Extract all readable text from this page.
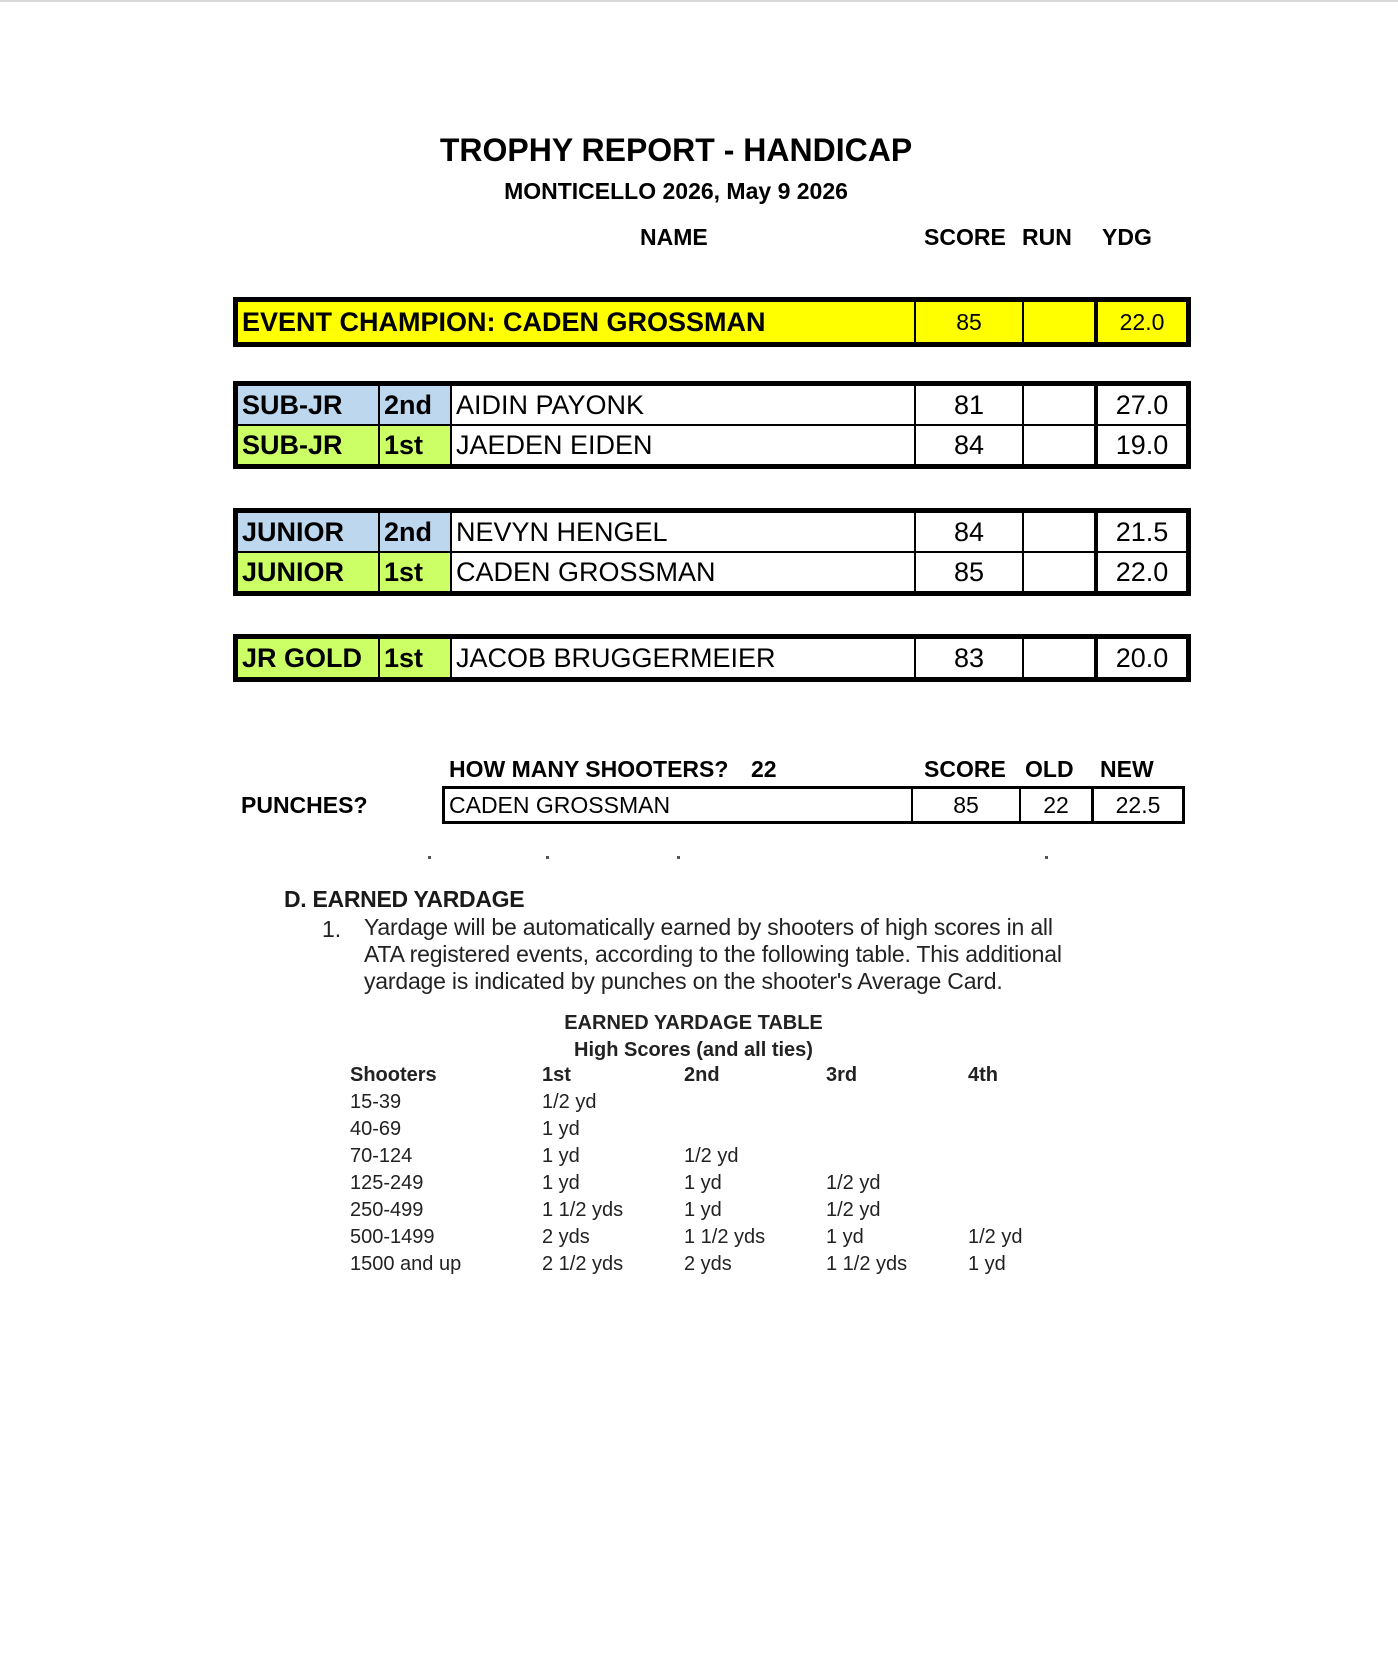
TROPHY REPORT - HANDICAP
MONTICELLO 2026, May 9 2026
NAME	SCORE RUN YDG
EVENT CHAMPION: CADEN GROSSMAN	85		22.0
SUB-JR	2nd	AIDIN PAYONK	81		27.0
SUB-JR	1st	JAEDEN EIDEN	84		19.0
JUNIOR	2nd	NEVYN HENGEL	84		21.5
JUNIOR	1st	CADEN GROSSMAN	85		22.0
JR GOLD	1st	JACOB BRUGGERMEIER	83		20.0
HOW MANY SHOOTERS? 22	SCORE OLD NEW
PUNCHES?	CADEN GROSSMAN	85	22	22.5
D. EARNED YARDAGE
1. Yardage will be automatically earned by shooters of high scores in all
ATA registered events, according to the following table. This additional
yardage is indicated by punches on the shooter's Average Card.
EARNED YARDAGE TABLE
High Scores (and all ties)
Shooters	1st	2nd	3rd	4th
15-39	1/2 yd			
40-69	1 yd			
70-124	1 yd	1/2 yd		
125-249	1 yd	1 yd	1/2 yd	
250-499	1 1/2 yds	1 yd	1/2 yd	
500-1499	2 yds	1 1/2 yds	1 yd	1/2 yd
1500 and up	2 1/2 yds	2 yds	1 1/2 yds	1 yd
